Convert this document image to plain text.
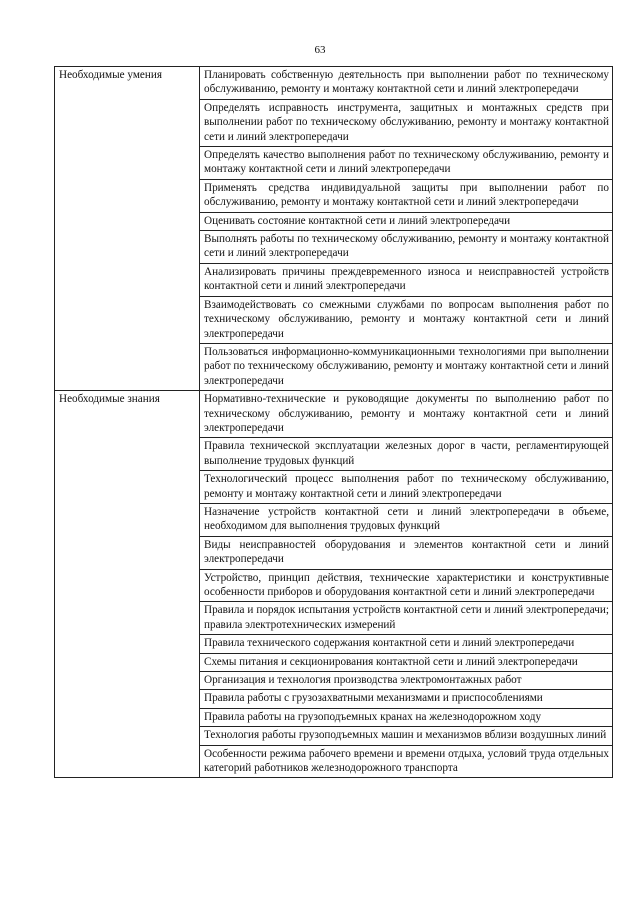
63
Необходимые умения	Планировать собственную деятельность при выполнении работ по техническому обслуживанию, ремонту и монтажу контактной сети и линий электропередачи
	Определять исправность инструмента, защитных и монтажных средств при выполнении работ по техническому обслуживанию, ремонту и монтажу контактной сети и линий электропередачи
	Определять качество выполнения работ по техническому обслуживанию, ремонту и монтажу контактной сети и линий электропередачи
	Применять средства индивидуальной защиты при выполнении работ по обслуживанию, ремонту и монтажу контактной сети и линий электропередачи
	Оценивать состояние контактной сети и линий электропередачи
	Выполнять работы по техническому обслуживанию, ремонту и монтажу контактной сети и линий электропередачи
	Анализировать причины преждевременного износа и неисправностей устройств контактной сети и линий электропередачи
	Взаимодействовать со смежными службами по вопросам выполнения работ по техническому обслуживанию, ремонту и монтажу контактной сети и линий электропередачи
	Пользоваться информационно-коммуникационными технологиями при выполнении работ по техническому обслуживанию, ремонту и монтажу контактной сети и линий электропередачи
Необходимые знания	Нормативно-технические и руководящие документы по выполнению работ по техническому обслуживанию, ремонту и монтажу контактной сети и линий электропередачи
	Правила технической эксплуатации железных дорог в части, регламентирующей выполнение трудовых функций
	Технологический процесс выполнения работ по техническому обслуживанию, ремонту и монтажу контактной сети и линий электропередачи
	Назначение устройств контактной сети и линий электропередачи в объеме, необходимом для выполнения трудовых функций
	Виды неисправностей оборудования и элементов контактной сети и линий электропередачи
	Устройство, принцип действия, технические характеристики и конструктивные особенности приборов и оборудования контактной сети и линий электропередачи
	Правила и порядок испытания устройств контактной сети и линий электропередачи; правила электротехнических измерений
	Правила технического содержания контактной сети и линий электропередачи
	Схемы питания и секционирования контактной сети и линий электропередачи
	Организация и технология производства электромонтажных работ
	Правила работы с грузозахватными механизмами и приспособлениями
	Правила работы на грузоподъемных кранах на железнодорожном ходу
	Технология работы грузоподъемных машин и механизмов вблизи воздушных линий
	Особенности режима рабочего времени и времени отдыха, условий труда отдельных категорий работников железнодорожного транспорта
